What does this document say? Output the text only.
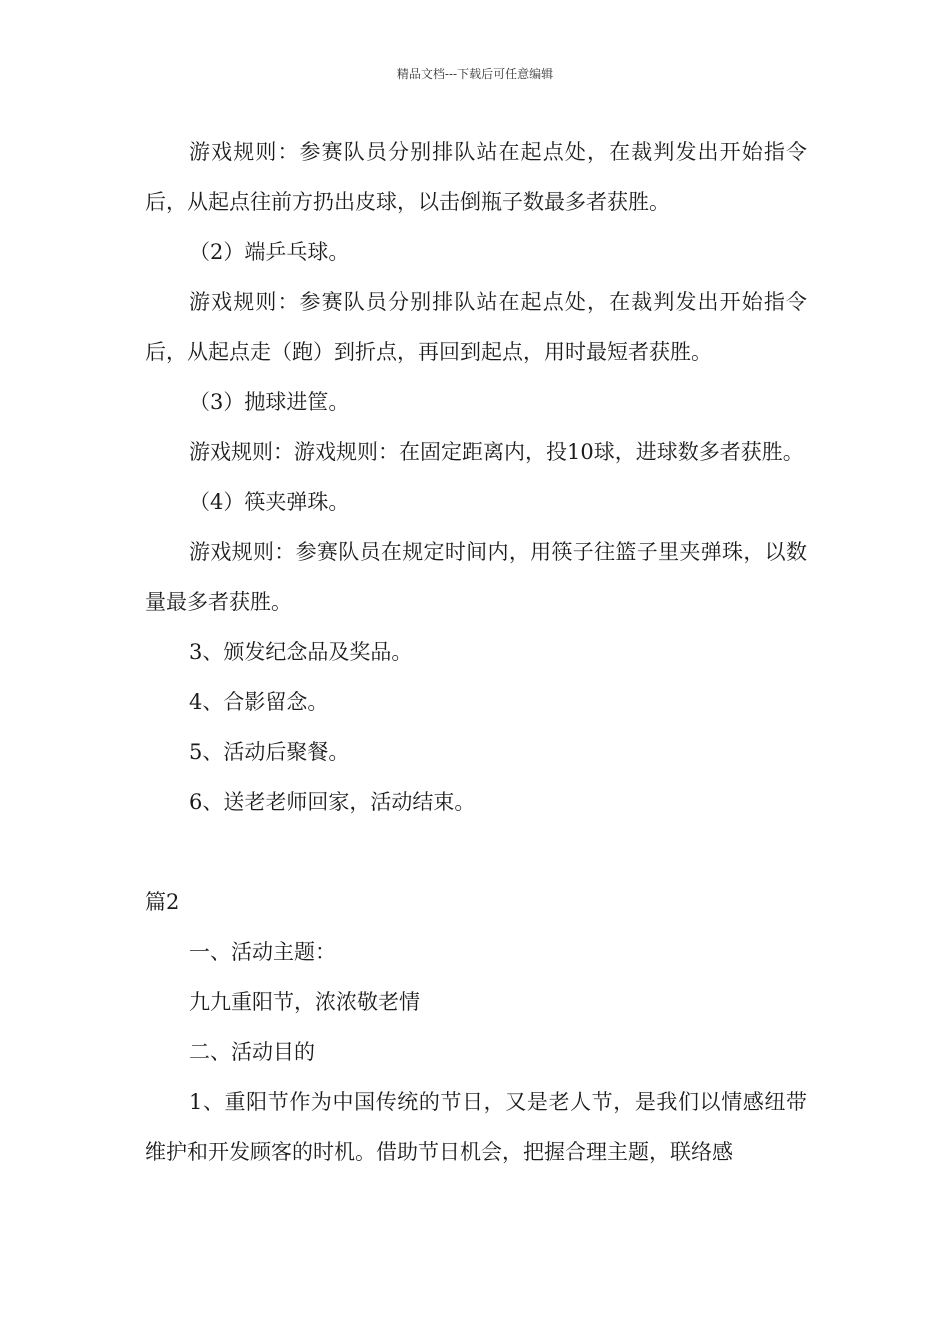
精品文档---下载后可任意编辑

游戏规则：参赛队员分别排队站在起点处，在裁判发出开始指令后，从起点往前方扔出皮球，以击倒瓶子数最多者获胜。

（2）端乒乓球。

游戏规则：参赛队员分别排队站在起点处，在裁判发出开始指令后，从起点走（跑）到折点，再回到起点，用时最短者获胜。

（3）抛球进筐。

游戏规则：游戏规则：在固定距离内，投10球，进球数多者获胜。

（4）筷夹弹珠。

游戏规则：参赛队员在规定时间内，用筷子往篮子里夹弹珠，以数量最多者获胜。

3、颁发纪念品及奖品。

4、合影留念。

5、活动后聚餐。

6、送老老师回家，活动结束。

篇2

一、活动主题：

九九重阳节，浓浓敬老情

二、活动目的

1、重阳节作为中国传统的节日，又是老人节，是我们以情感纽带维护和开发顾客的时机。借助节日机会，把握合理主题，联络感
